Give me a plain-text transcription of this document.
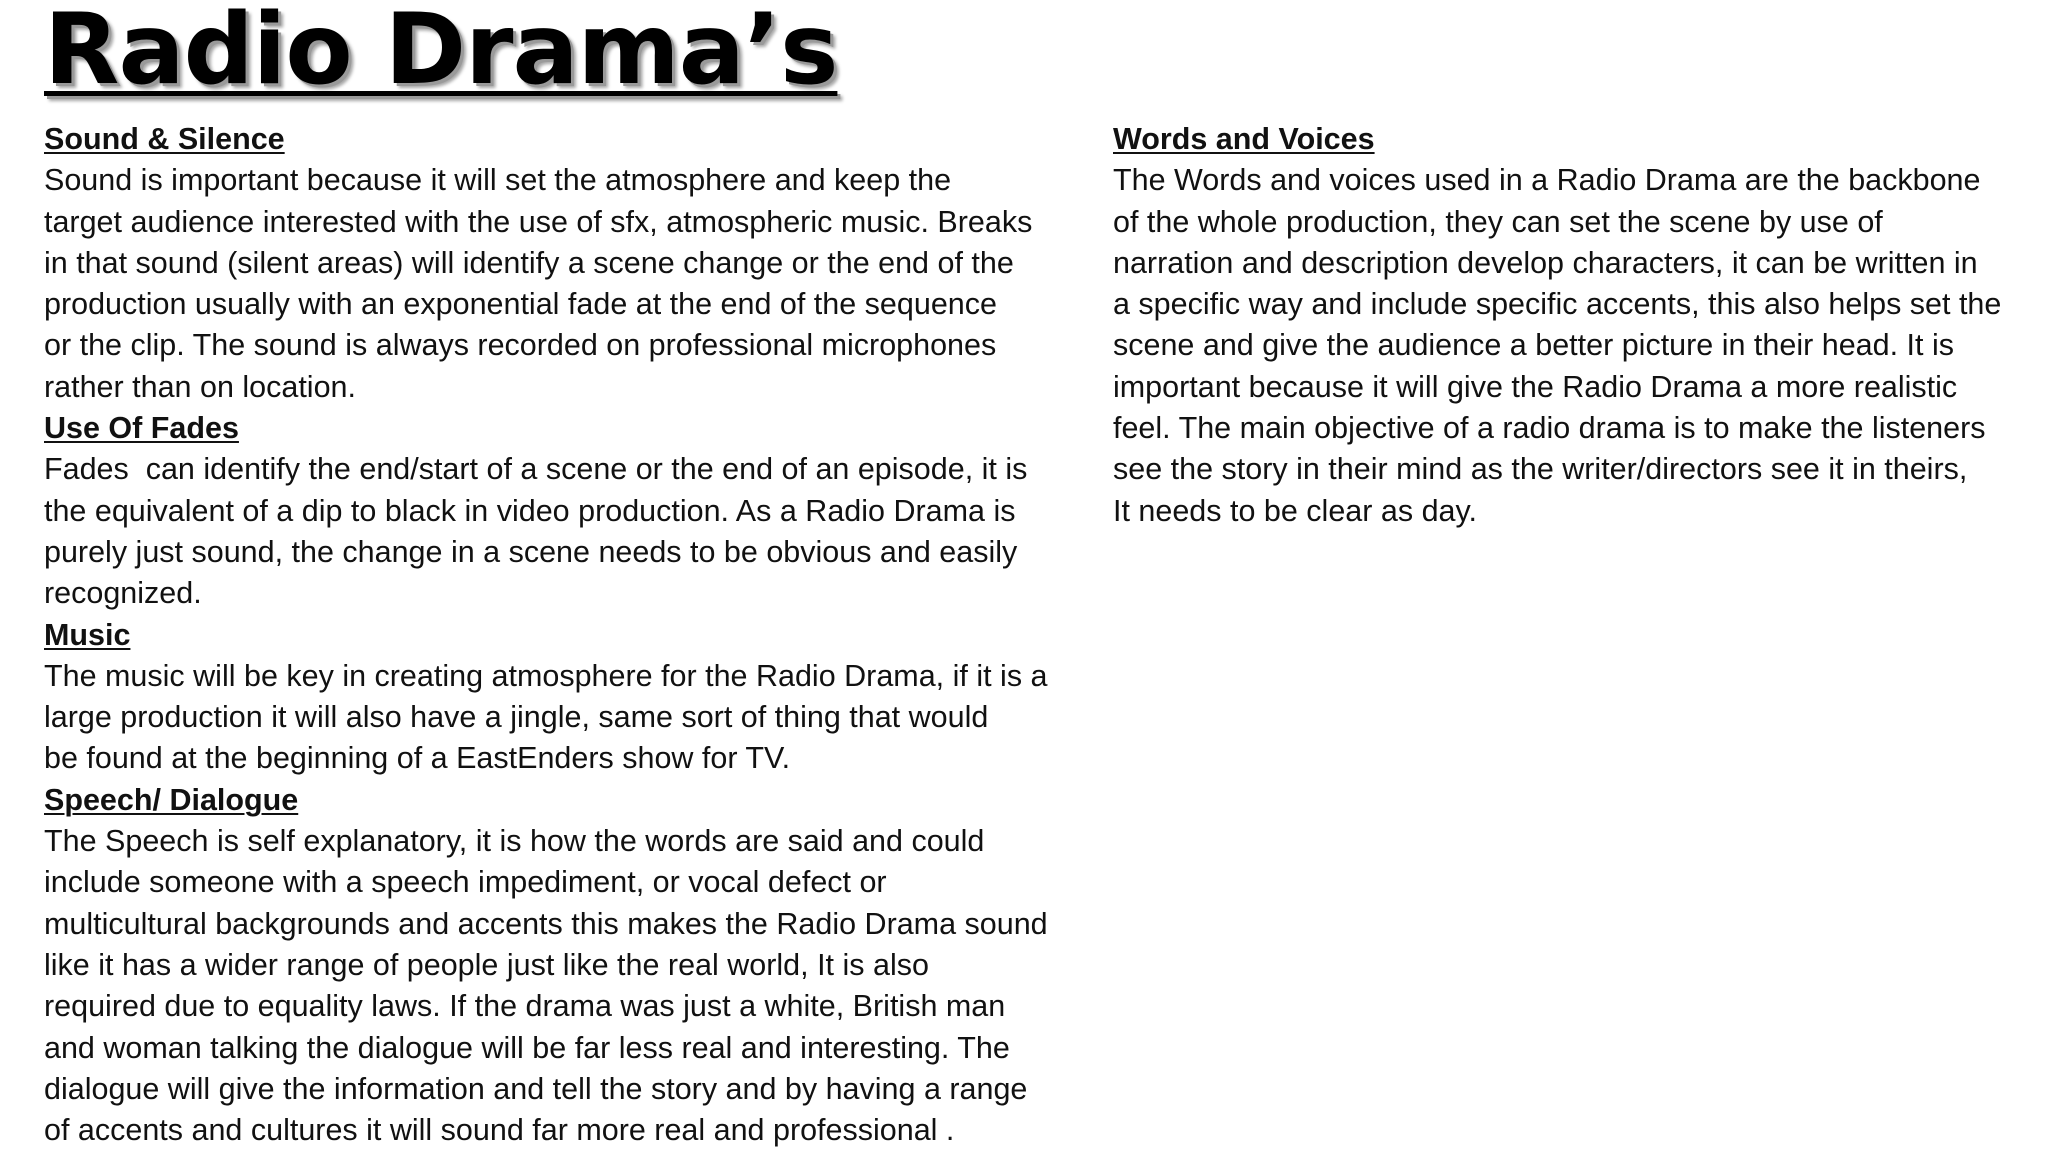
Radio Drama’s
Sound & Silence
Sound is important because it will set the atmosphere and keep the
target audience interested with the use of sfx, atmospheric music. Breaks
in that sound (silent areas) will identify a scene change or the end of the
production usually with an exponential fade at the end of the sequence
or the clip. The sound is always recorded on professional microphones
rather than on location.
Use Of Fades
Fades  can identify the end/start of a scene or the end of an episode, it is
the equivalent of a dip to black in video production. As a Radio Drama is
purely just sound, the change in a scene needs to be obvious and easily
recognized.
Music
The music will be key in creating atmosphere for the Radio Drama, if it is a
large production it will also have a jingle, same sort of thing that would
be found at the beginning of a EastEnders show for TV.
Speech/ Dialogue
The Speech is self explanatory, it is how the words are said and could
include someone with a speech impediment, or vocal defect or
multicultural backgrounds and accents this makes the Radio Drama sound
like it has a wider range of people just like the real world, It is also
required due to equality laws. If the drama was just a white, British man
and woman talking the dialogue will be far less real and interesting. The
dialogue will give the information and tell the story and by having a range
of accents and cultures it will sound far more real and professional .
Words and Voices
The Words and voices used in a Radio Drama are the backbone
of the whole production, they can set the scene by use of
narration and description develop characters, it can be written in
a specific way and include specific accents, this also helps set the
scene and give the audience a better picture in their head. It is
important because it will give the Radio Drama a more realistic
feel. The main objective of a radio drama is to make the listeners
see the story in their mind as the writer/directors see it in theirs,
It needs to be clear as day.
